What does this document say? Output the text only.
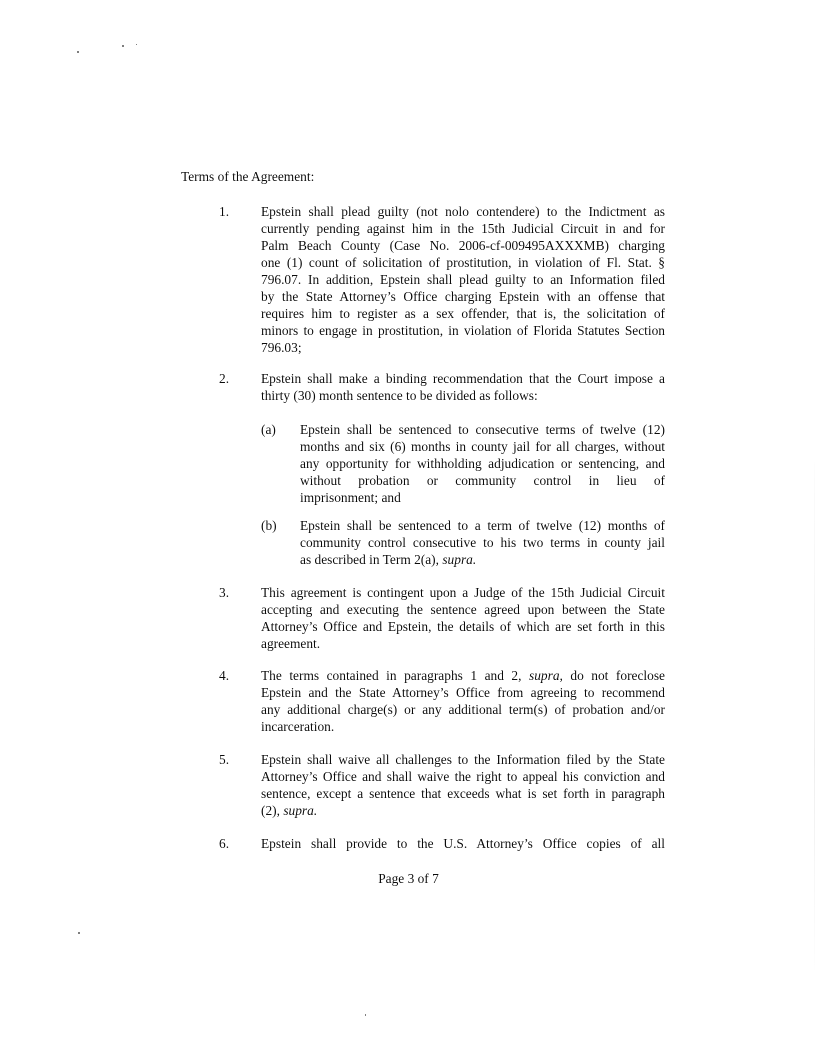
Terms of the Agreement:
1.	Epstein shall plead guilty (not nolo contendere) to the Indictment as
currently pending against him in the 15th Judicial Circuit in and for
Palm Beach County (Case No. 2006-cf-009495AXXXMB) charging
one (1) count of solicitation of prostitution, in violation of Fl. Stat. §
796.07. In addition, Epstein shall plead guilty to an Information filed
by the State Attorney’s Office charging Epstein with an offense that
requires him to register as a sex offender, that is, the solicitation of
minors to engage in prostitution, in violation of Florida Statutes Section
796.03;
2.	Epstein shall make a binding recommendation that the Court impose a
thirty (30) month sentence to be divided as follows:
(a) Epstein shall be sentenced to consecutive terms of twelve (12)
months and six (6) months in county jail for all charges, without
any opportunity for withholding adjudication or sentencing, and
without   probation   or   community   control   in   lieu   of
imprisonment; and
(b) Epstein shall be sentenced to a term of twelve (12) months of
community control consecutive to his two terms in county jail
as described in Term 2(a), supra.
3.	This agreement is contingent upon a Judge of the 15th Judicial Circuit
accepting and executing the sentence agreed upon between the State
Attorney’s Office and Epstein, the details of which are set forth in this
agreement.
4.	The terms contained in paragraphs 1 and 2, supra, do not foreclose
Epstein and the State Attorney’s Office from agreeing to recommend
any additional charge(s) or any additional term(s) of probation and/or
incarceration.
5.	Epstein shall waive all challenges to the Information filed by the State
Attorney’s Office and shall waive the right to appeal his conviction and
sentence, except a sentence that exceeds what is set forth in paragraph
(2), supra.
6.	Epstein shall provide to the U.S. Attorney’s Office copies of all
Page 3 of 7
